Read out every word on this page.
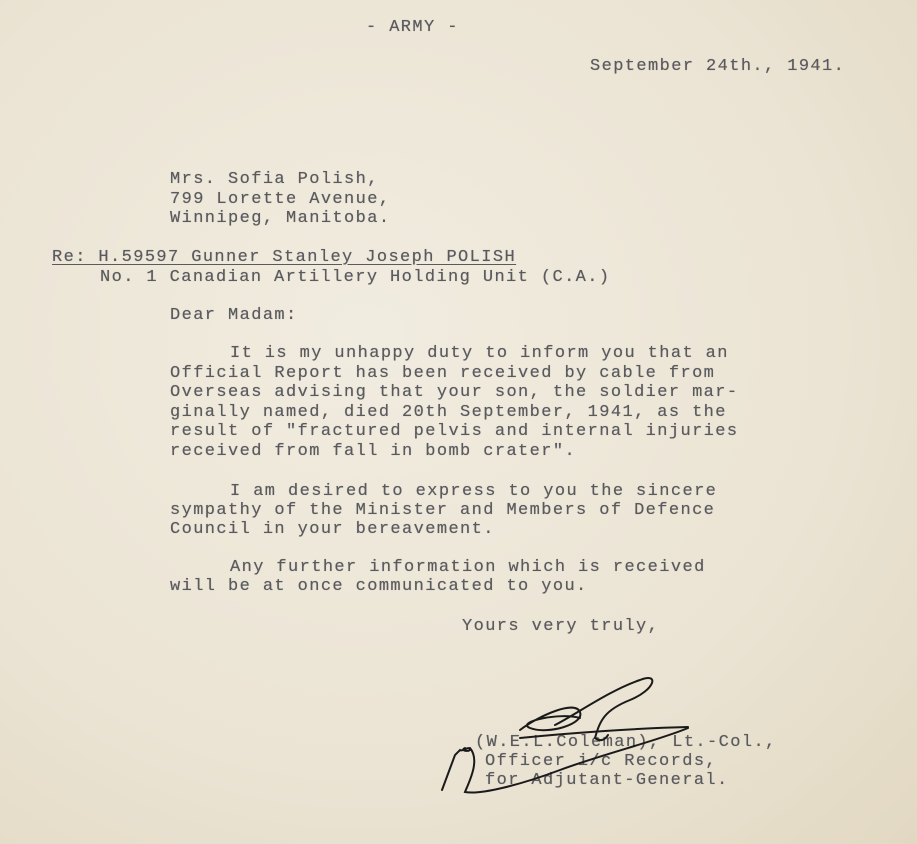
- ARMY -
September 24th., 1941.
Mrs. Sofia Polish,
799 Lorette Avenue,
Winnipeg, Manitoba.
Re: H.59597 Gunner Stanley Joseph POLISH
No. 1 Canadian Artillery Holding Unit (C.A.)
Dear Madam:
It is my unhappy duty to inform you that an
Official Report has been received by cable from
Overseas advising that your son, the soldier mar-
ginally named, died 20th September, 1941, as the
result of "fractured pelvis and internal injuries
received from fall in bomb crater".
I am desired to express to you the sincere
sympathy of the Minister and Members of Defence
Council in your bereavement.
Any further information which is received
will be at once communicated to you.
Yours very truly,
(W.E.L.Coleman), Lt.-Col.,
Officer i/c Records,
for Adjutant-General.
